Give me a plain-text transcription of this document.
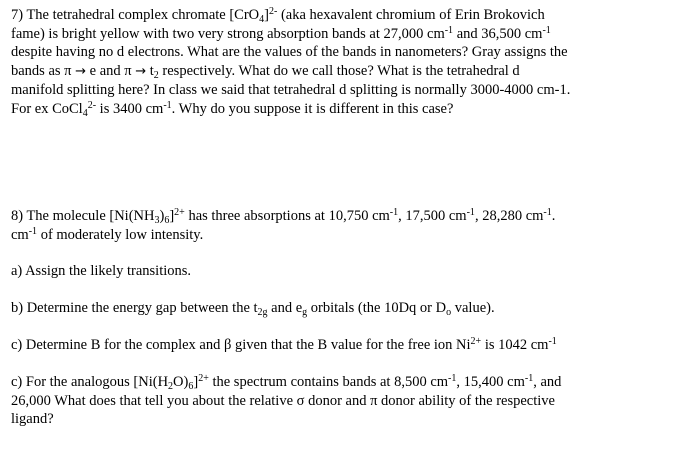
7) The tetrahedral complex chromate $[CrO_4]^{2-}$ (aka hexavalent chromium of Erin Brokovich
fame) is bright yellow with two very strong absorption bands at 27,000 $cm^{-1}$ and 36,500 $cm^{-1}$
despite having no d electrons. What are the values of the bands in nanometers? Gray assigns the
bands as π → e and $\pi \to t_2$ respectively. What do we call those? What is the tetrahedral d
manifold splitting here? In class we said that tetrahedral d splitting is normally 3000-4000 cm-1.
For ex CoCl$_4^{2-}$ is 3400 $cm^{-1}$. Why do you suppose it is different in this case?
8) The molecule $[Ni(NH_3)_6]^{2+}$ has three absorptions at 10,750 $cm^{-1}$, 17,500 $cm^{-1}$, 28,280 $cm^{-1}$.
$cm^{-1}$ of moderately low intensity.
a) Assign the likely transitions.
b) Determine the energy gap between the $t_{2g}$ and $e_g$ orbitals (the 10Dq or $D_o$ value).
c) Determine B for the complex and β given that the B value for the free ion $Ni^{2+}$ is 1042 $cm^{-1}$
c) For the analogous $[Ni(H_2O)_6]^{2+}$ the spectrum contains bands at 8,500 $cm^{-1}$, 15,400 $cm^{-1}$, and
26,000 What does that tell you about the relative σ donor and π donor ability of the respective
ligand?
